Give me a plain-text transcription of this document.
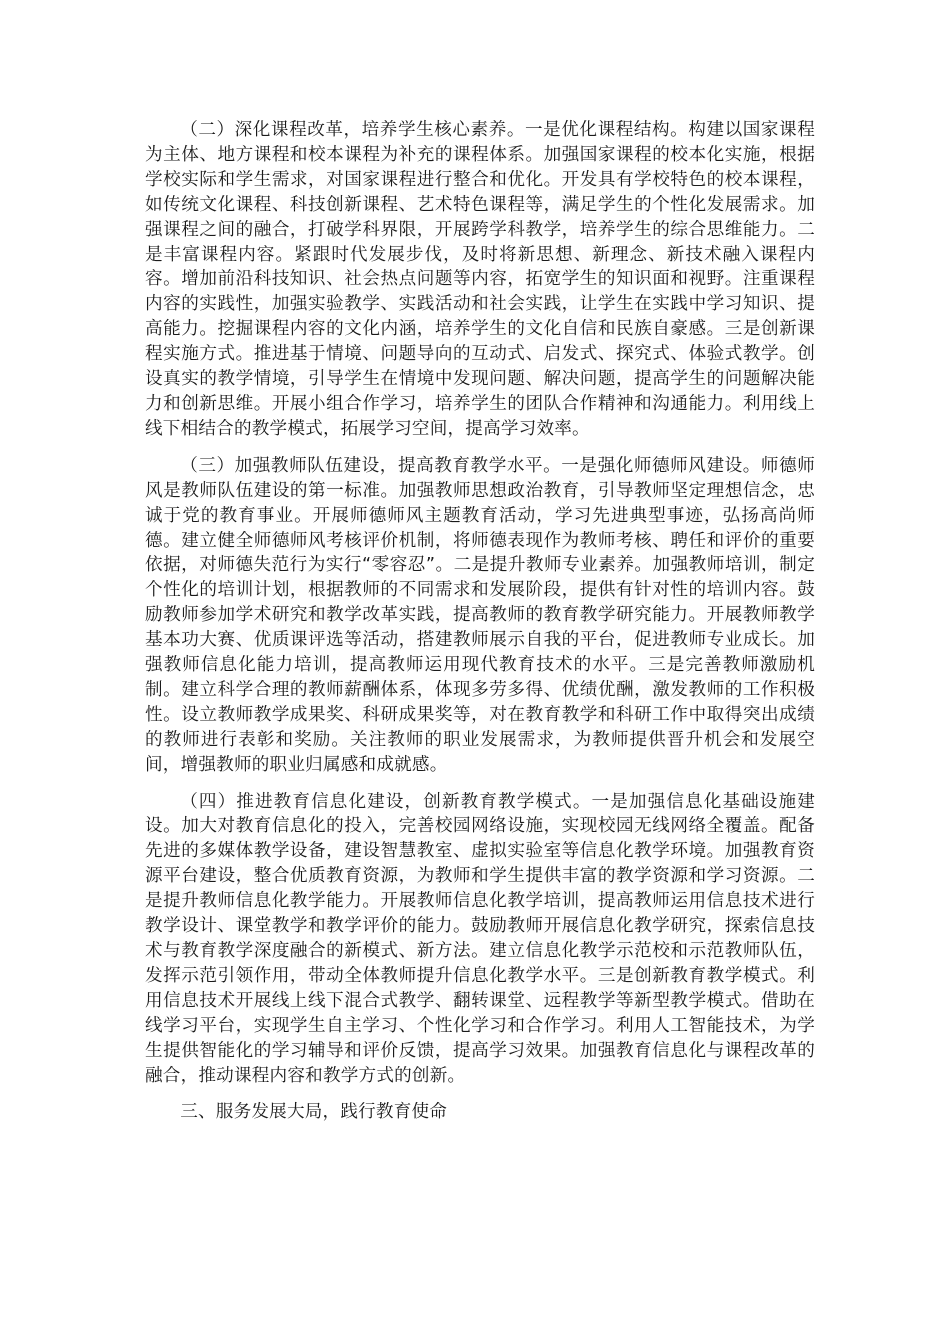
（二）深化课程改革，培养学生核心素养。一是优化课程结构。构建以国家课程为主体、地方课程和校本课程为补充的课程体系。加强国家课程的校本化实施，根据学校实际和学生需求，对国家课程进行整合和优化。开发具有学校特色的校本课程，如传统文化课程、科技创新课程、艺术特色课程等，满足学生的个性化发展需求。加强课程之间的融合，打破学科界限，开展跨学科教学，培养学生的综合思维能力。二是丰富课程内容。紧跟时代发展步伐，及时将新思想、新理念、新技术融入课程内容。增加前沿科技知识、社会热点问题等内容，拓宽学生的知识面和视野。注重课程内容的实践性，加强实验教学、实践活动和社会实践，让学生在实践中学习知识、提高能力。挖掘课程内容的文化内涵，培养学生的文化自信和民族自豪感。三是创新课程实施方式。推进基于情境、问题导向的互动式、启发式、探究式、体验式教学。创设真实的教学情境，引导学生在情境中发现问题、解决问题，提高学生的问题解决能力和创新思维。开展小组合作学习，培养学生的团队合作精神和沟通能力。利用线上线下相结合的教学模式，拓展学习空间，提高学习效率。

（三）加强教师队伍建设，提高教育教学水平。一是强化师德师风建设。师德师风是教师队伍建设的第一标准。加强教师思想政治教育，引导教师坚定理想信念，忠诚于党的教育事业。开展师德师风主题教育活动，学习先进典型事迹，弘扬高尚师德。建立健全师德师风考核评价机制，将师德表现作为教师考核、聘任和评价的重要依据，对师德失范行为实行“零容忍”。二是提升教师专业素养。加强教师培训，制定个性化的培训计划，根据教师的不同需求和发展阶段，提供有针对性的培训内容。鼓励教师参加学术研究和教学改革实践，提高教师的教育教学研究能力。开展教师教学基本功大赛、优质课评选等活动，搭建教师展示自我的平台，促进教师专业成长。加强教师信息化能力培训，提高教师运用现代教育技术的水平。三是完善教师激励机制。建立科学合理的教师薪酬体系，体现多劳多得、优绩优酬，激发教师的工作积极性。设立教师教学成果奖、科研成果奖等，对在教育教学和科研工作中取得突出成绩的教师进行表彰和奖励。关注教师的职业发展需求，为教师提供晋升机会和发展空间，增强教师的职业归属感和成就感。

（四）推进教育信息化建设，创新教育教学模式。一是加强信息化基础设施建设。加大对教育信息化的投入，完善校园网络设施，实现校园无线网络全覆盖。配备先进的多媒体教学设备，建设智慧教室、虚拟实验室等信息化教学环境。加强教育资源平台建设，整合优质教育资源，为教师和学生提供丰富的教学资源和学习资源。二是提升教师信息化教学能力。开展教师信息化教学培训，提高教师运用信息技术进行教学设计、课堂教学和教学评价的能力。鼓励教师开展信息化教学研究，探索信息技术与教育教学深度融合的新模式、新方法。建立信息化教学示范校和示范教师队伍，发挥示范引领作用，带动全体教师提升信息化教学水平。三是创新教育教学模式。利用信息技术开展线上线下混合式教学、翻转课堂、远程教学等新型教学模式。借助在线学习平台，实现学生自主学习、个性化学习和合作学习。利用人工智能技术，为学生提供智能化的学习辅导和评价反馈，提高学习效果。加强教育信息化与课程改革的融合，推动课程内容和教学方式的创新。

三、服务发展大局，践行教育使命
